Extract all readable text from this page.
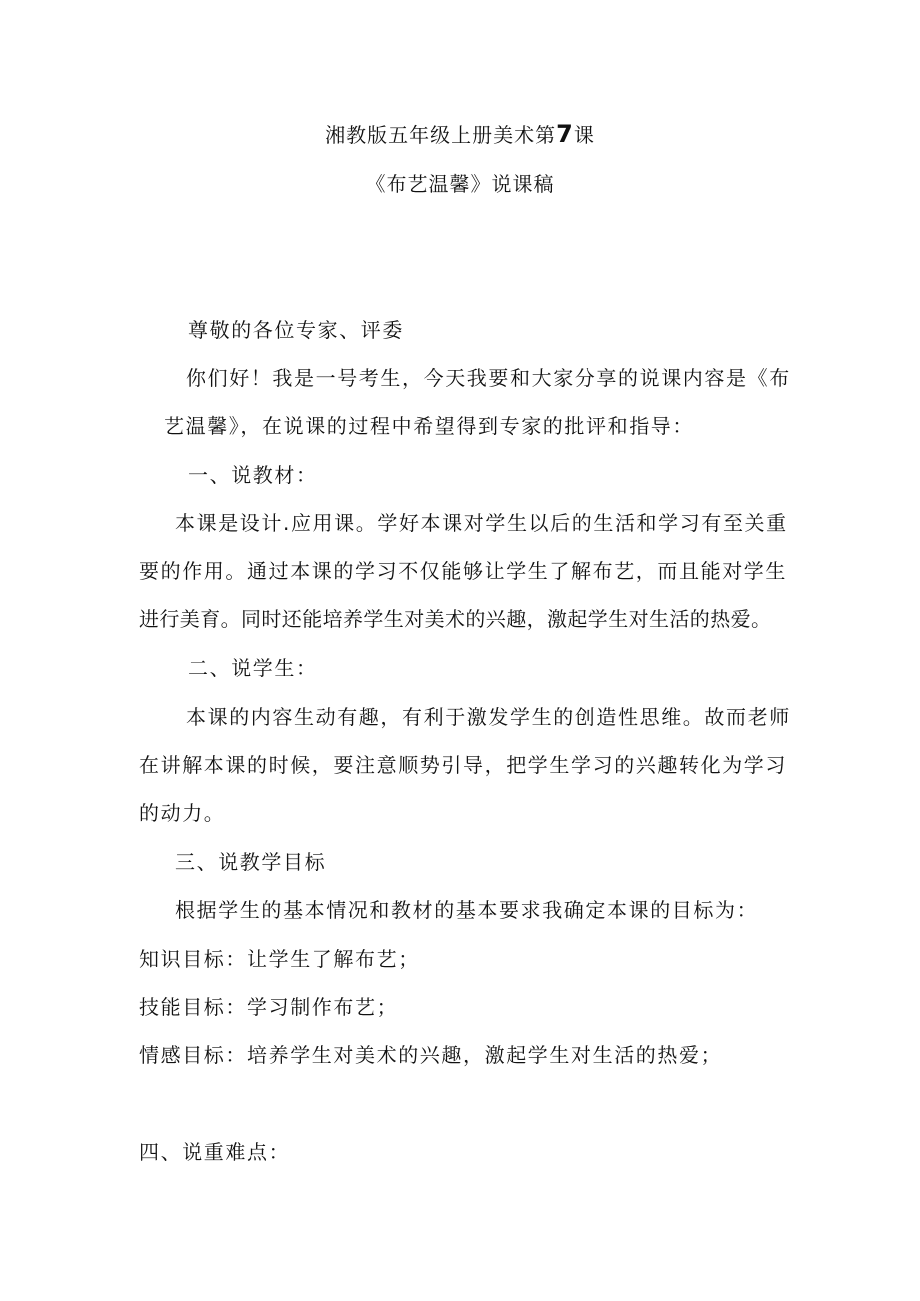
湘教版五年级上册美术第7课
《布艺温馨》说课稿
尊敬的各位专家、评委
你们好！我是一号考生，今天我要和大家分享的说课内容是《布
艺温馨》，在说课的过程中希望得到专家的批评和指导：
一、说教材：
本课是设计.应用课。学好本课对学生以后的生活和学习有至关重
要的作用。通过本课的学习不仅能够让学生了解布艺，而且能对学生
进行美育。同时还能培养学生对美术的兴趣，激起学生对生活的热爱。
二、说学生：
本课的内容生动有趣，有利于激发学生的创造性思维。故而老师
在讲解本课的时候，要注意顺势引导，把学生学习的兴趣转化为学习
的动力。
三、说教学目标
根据学生的基本情况和教材的基本要求我确定本课的目标为：
知识目标：让学生了解布艺；
技能目标：学习制作布艺；
情感目标：培养学生对美术的兴趣，激起学生对生活的热爱；
四、说重难点：
